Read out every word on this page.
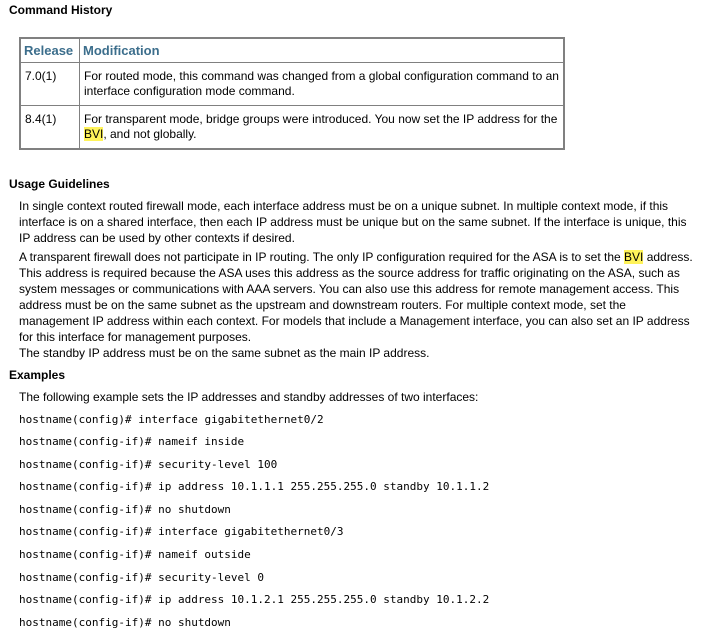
Command History
Release	Modification
7.0(1)	For routed mode, this command was changed from a global configuration command to an interface configuration mode command.
8.4(1)	For transparent mode, bridge groups were introduced. You now set the IP address for the BVI, and not globally.
Usage Guidelines
In single context routed firewall mode, each interface address must be on a unique subnet. In multiple context mode, if this interface is on a shared interface, then each IP address must be unique but on the same subnet. If the interface is unique, this IP address can be used by other contexts if desired.
A transparent firewall does not participate in IP routing. The only IP configuration required for the ASA is to set the BVI address. This address is required because the ASA uses this address as the source address for traffic originating on the ASA, such as system messages or communications with AAA servers. You can also use this address for remote management access. This address must be on the same subnet as the upstream and downstream routers. For multiple context mode, set the management IP address within each context. For models that include a Management interface, you can also set an IP address for this interface for management purposes.
The standby IP address must be on the same subnet as the main IP address.
Examples
The following example sets the IP addresses and standby addresses of two interfaces:
hostname(config)# interface gigabitethernet0/2
hostname(config-if)# nameif inside
hostname(config-if)# security-level 100
hostname(config-if)# ip address 10.1.1.1 255.255.255.0 standby 10.1.1.2
hostname(config-if)# no shutdown
hostname(config-if)# interface gigabitethernet0/3
hostname(config-if)# nameif outside
hostname(config-if)# security-level 0
hostname(config-if)# ip address 10.1.2.1 255.255.255.0 standby 10.1.2.2
hostname(config-if)# no shutdown
